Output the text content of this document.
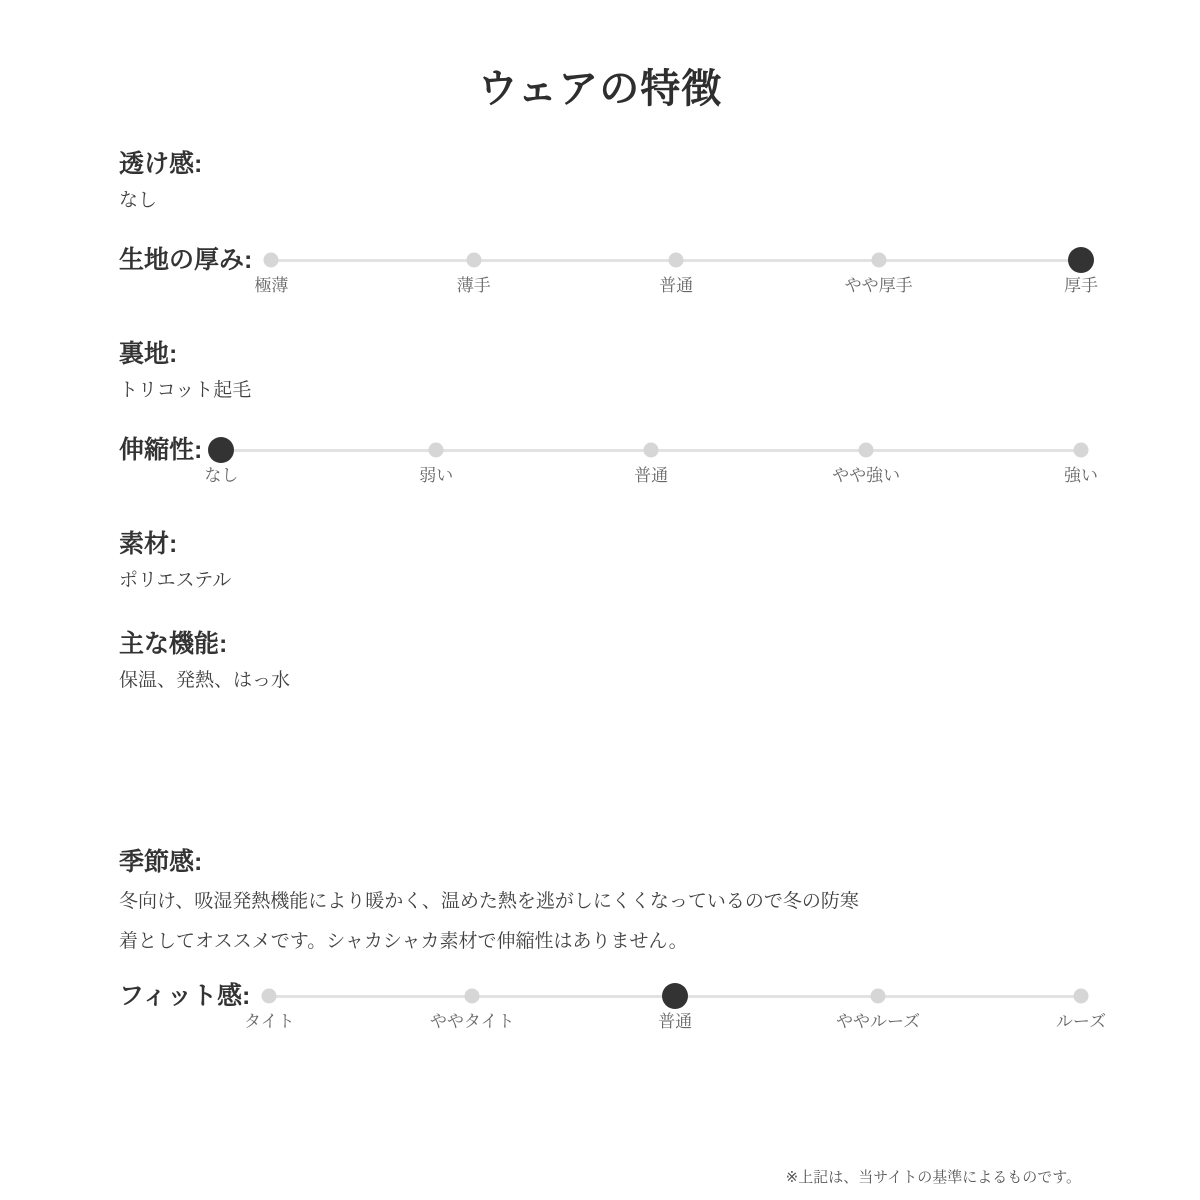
ウェアの特徴
透け感:

なし

生地の厚み:
極薄	薄手	普通	やや厚手	厚手
裏地:

トリコット起毛

伸縮性:
なし	弱い	普通	やや強い	強い
素材:

ポリエステル

主な機能:

保温、発熱、はっ水

季節感:

冬向け、吸湿発熱機能により暖かく、温めた熱を逃がしにくくなっているので冬の防寒着としてオススメです。シャカシャカ素材で伸縮性はありません。

フィット感:
タイト	ややタイト	普通	ややルーズ	ルーズ

※上記は、当サイトの基準によるものです。
